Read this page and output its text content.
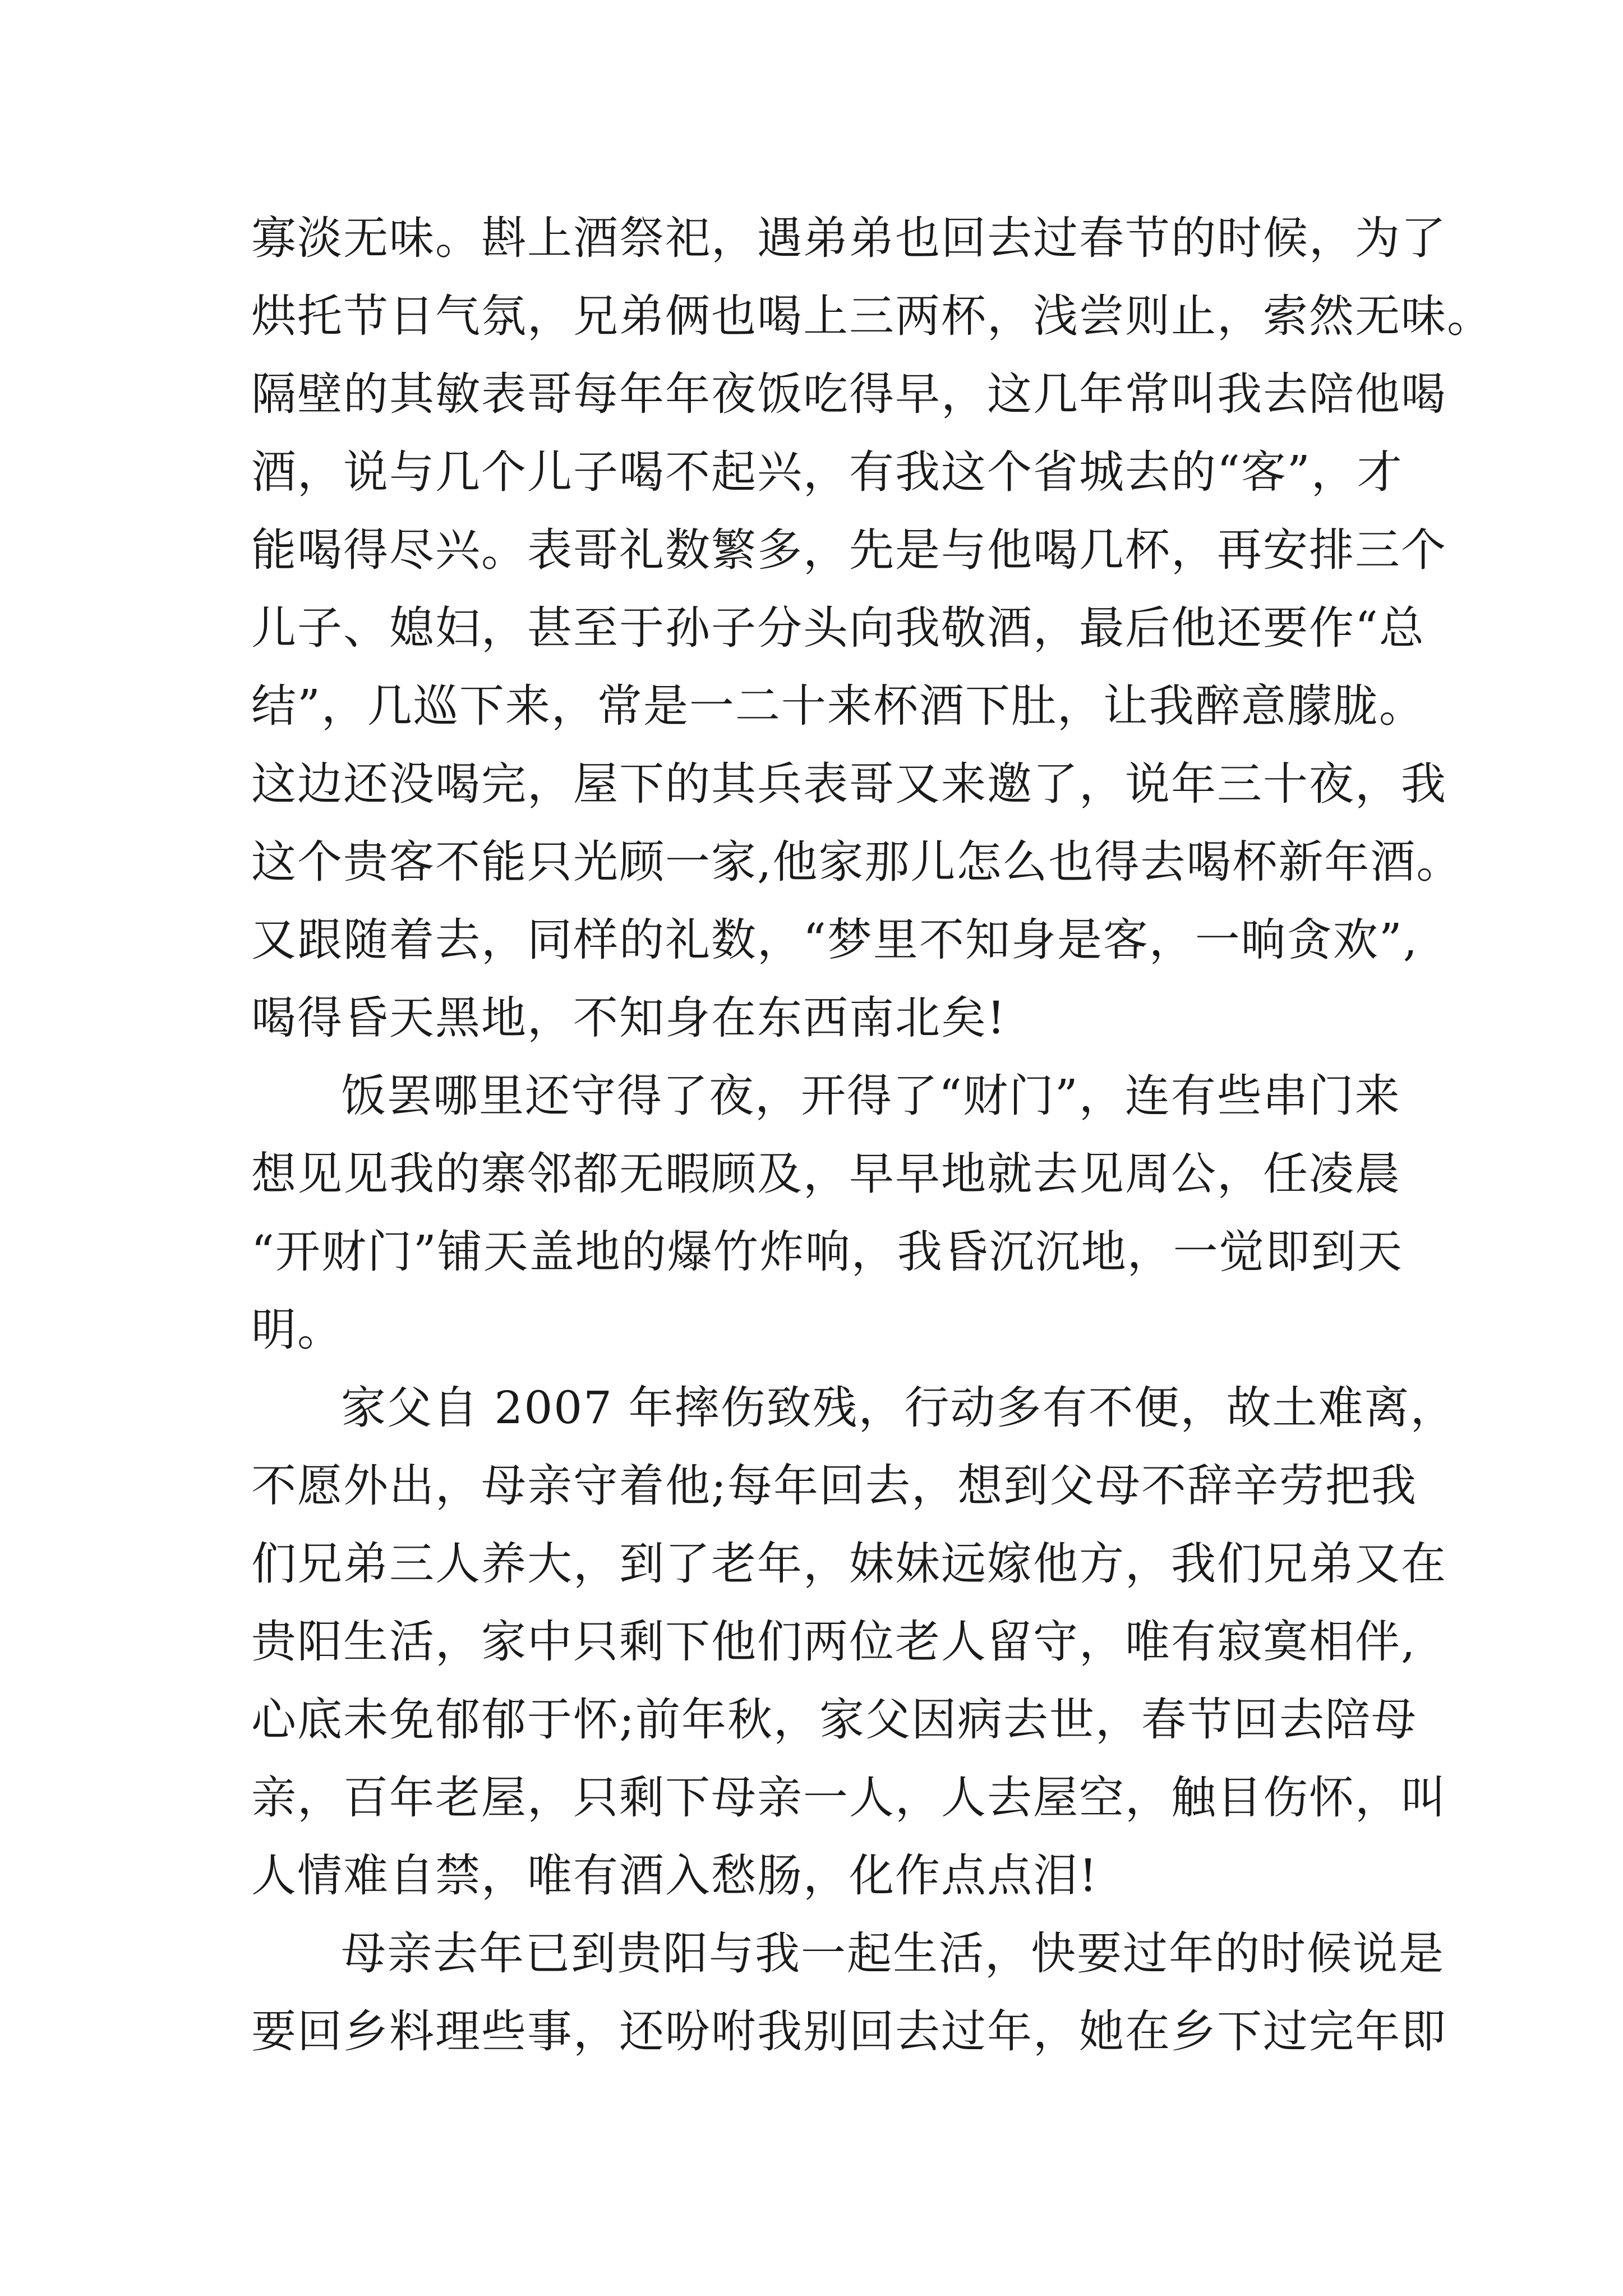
寡淡无味。斟上酒祭祀，遇弟弟也回去过春节的时候，为了
烘托节日气氛，兄弟俩也喝上三两杯，浅尝则止，索然无味。
隔壁的其敏表哥每年年夜饭吃得早，这几年常叫我去陪他喝
酒，说与几个儿子喝不起兴，有我这个省城去的“客”，才
能喝得尽兴。表哥礼数繁多，先是与他喝几杯，再安排三个
儿子、媳妇，甚至于孙子分头向我敬酒，最后他还要作“总
结”，几巡下来，常是一二十来杯酒下肚，让我醉意朦胧。
这边还没喝完，屋下的其兵表哥又来邀了，说年三十夜，我
这个贵客不能只光顾一家,他家那儿怎么也得去喝杯新年酒。
又跟随着去，同样的礼数，“梦里不知身是客，一晌贪欢”,
喝得昏天黑地，不知身在东西南北矣!
饭罢哪里还守得了夜，开得了“财门”，连有些串门来
想见见我的寨邻都无暇顾及，早早地就去见周公，任凌晨
“开财门”铺天盖地的爆竹炸响，我昏沉沉地，一觉即到天
明。
家父自 2007 年摔伤致残，行动多有不便，故土难离，
不愿外出，母亲守着他;每年回去，想到父母不辞辛劳把我
们兄弟三人养大，到了老年，妹妹远嫁他方，我们兄弟又在
贵阳生活，家中只剩下他们两位老人留守，唯有寂寞相伴,
心底未免郁郁于怀;前年秋，家父因病去世，春节回去陪母
亲，百年老屋，只剩下母亲一人，人去屋空，触目伤怀，叫
人情难自禁，唯有酒入愁肠，化作点点泪!
母亲去年已到贵阳与我一起生活，快要过年的时候说是
要回乡料理些事，还吩咐我别回去过年，她在乡下过完年即
